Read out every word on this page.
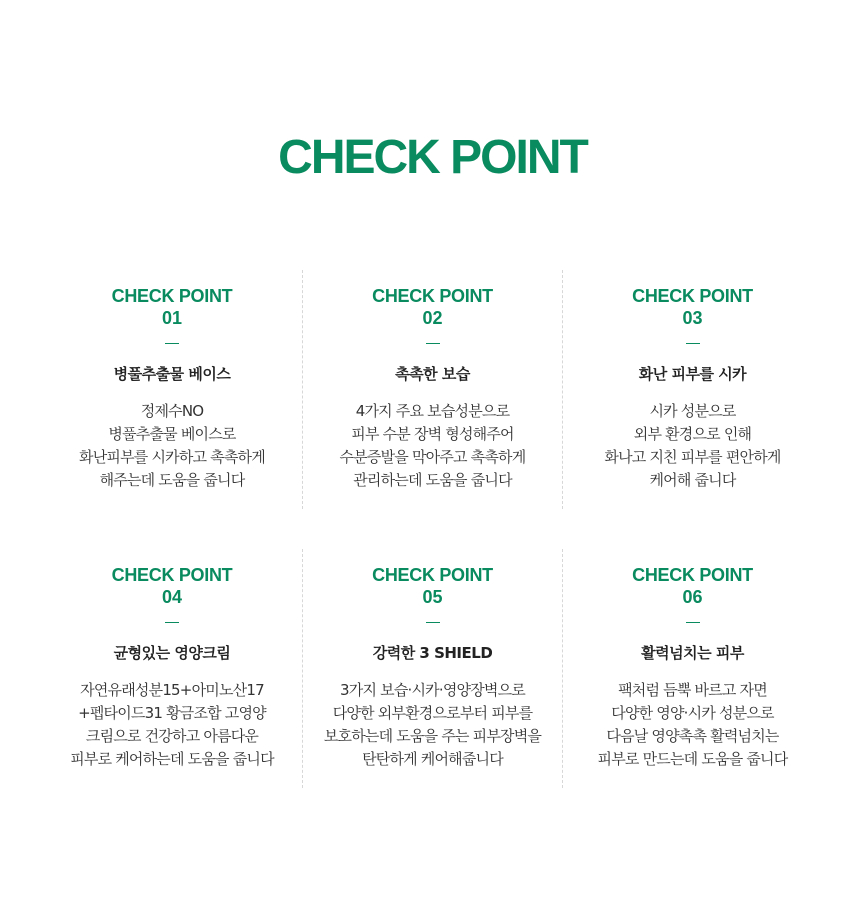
CHECK POINT
CHECK POINT
01
병풀추출물 베이스
정제수NO
병풀추출물 베이스로
화난피부를 시카하고 촉촉하게
해주는데 도움을 줍니다
CHECK POINT
02
촉촉한 보습
4가지 주요 보습성분으로
피부 수분 장벽 형성해주어
수분증발을 막아주고 촉촉하게
관리하는데 도움을 줍니다
CHECK POINT
03
화난 피부를 시카
시카 성분으로
외부 환경으로 인해
화나고 지친 피부를 편안하게
케어해 줍니다
CHECK POINT
04
균형있는 영양크림
자연유래성분15+아미노산17
+펩타이드31 황금조합 고영양
크림으로 건강하고 아름다운
피부로 케어하는데 도움을 줍니다
CHECK POINT
05
강력한 3 SHIELD
3가지 보습·시카·영양장벽으로
다양한 외부환경으로부터 피부를
보호하는데 도움을 주는 피부장벽을
탄탄하게 케어해줍니다
CHECK POINT
06
활력넘치는 피부
팩처럼 듬뿍 바르고 자면
다양한 영양·시카 성분으로
다음날 영양촉촉 활력넘치는
피부로 만드는데 도움을 줍니다
